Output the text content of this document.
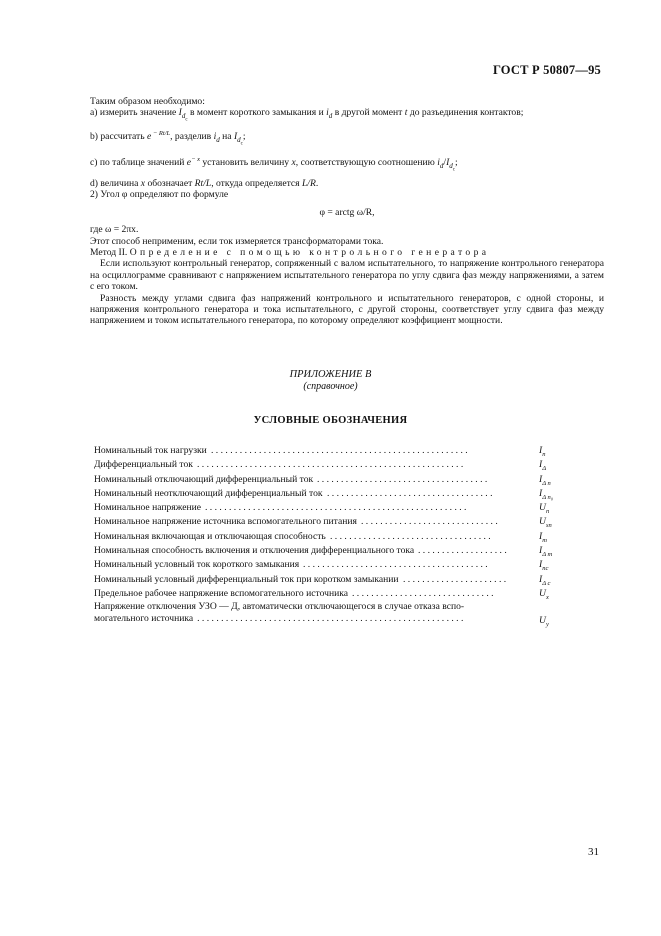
ГОСТ Р 50807—95
Таким образом необходимо:
a) измерить значение $I_{d_c}$ в момент короткого замыкания и $i_d$ в другой момент t до разъединения контактов;
b) рассчитать e $^{- Rt/L}$, разделив $i_d$ на $I_{d_c}$;
c) по таблице значений $e^{- x}$ установить величину x, соответствующую соотношению $i_d/I_{d_c}$;
d) величина x обозначает Rt/L, откуда определяется L/R.
2) Угол φ определяют по формуле
φ = arctg ω/R,
где ω = 2πx.
Этот способ неприменим, если ток измеряется трансформаторами тока.
Метод II. Определение с помощью контрольного генератора
Если используют контрольный генератор, сопряженный с валом испытательного, то напряжение контрольного генератора на осциллограмме сравнивают с напряжением испытательного генератора по углу сдвига фаз между напряжениями, а затем с его током.
Разность между углами сдвига фаз напряжений контрольного и испытательного генераторов, с одной стороны, и напряжения контрольного генератора и тока испытательного, с другой стороны, соответствует углу сдвига фаз между напряжением и током испытательного генератора, по которому определяют коэффициент мощности.
ПРИЛОЖЕНИЕ В
(справочное)
УСЛОВНЫЕ ОБОЗНАЧЕНИЯ
Номинальный ток нагрузки . . . . . . . . . . . . . . . . . . . . . . . . . . . . . . . . . . . . . . . . . . . . . . . . . . . . . .	$I_n$
Дифференциальный ток . . . . . . . . . . . . . . . . . . . . . . . . . . . . . . . . . . . . . . . . . . . . . . . . . . . . . . . .	$I_\Delta$
Номинальный отключающий дифференциальный ток . . . . . . . . . . . . . . . . . . . . . . . . . . . . . . . . . . . .	$I_{\Delta n}$
Номинальный неотключающий дифференциальный ток . . . . . . . . . . . . . . . . . . . . . . . . . . . . . . . . . . .	$I_{\Delta n_0}$
Номинальное напряжение . . . . . . . . . . . . . . . . . . . . . . . . . . . . . . . . . . . . . . . . . . . . . . . . . . . . . . .	$U_n$
Номинальное напряжение источника вспомогательного питания . . . . . . . . . . . . . . . . . . . . . . . . . . . . .	$U_{sn}$
Номинальная включающая и отключающая способность . . . . . . . . . . . . . . . . . . . . . . . . . . . . . . . . . .	$I_m$
Номинальная способность включения и отключения дифференциального тока . . . . . . . . . . . . . . . . . . .	$I_{\Delta m}$
Номинальный условный ток короткого замыкания . . . . . . . . . . . . . . . . . . . . . . . . . . . . . . . . . . . . . . .	$I_{nc}$
Номинальный условный дифференциальный ток при коротком замыкании . . . . . . . . . . . . . . . . . . . . . .	$I_{\Delta c}$
Предельное рабочее напряжение вспомогательного источника . . . . . . . . . . . . . . . . . . . . . . . . . . . . . .	$U_x$
Напряжение отключения УЗО — Д, автоматически отключающегося в случае отказа вспо-
могательного источника. . . . . . . . . . . . . . . . . . . . . . . . . . . . . . . . . . . . . . . . . . . . . . . . . . . . . . . .	$U_y$
31
